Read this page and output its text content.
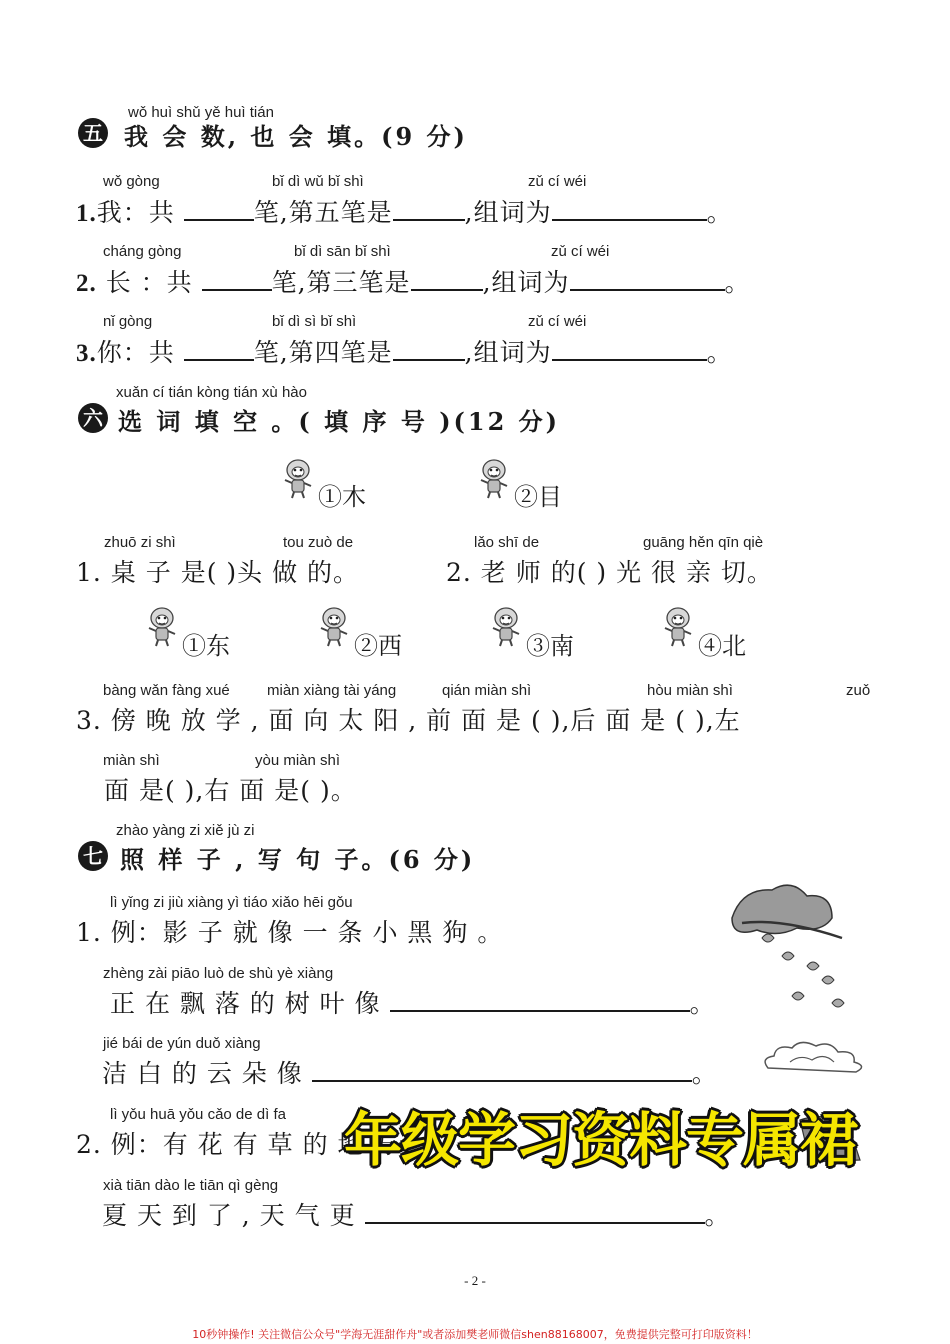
wǒ huì shǔ yě huì tián
五 我 会 数, 也 会 填。(9 分)
wǒ gòng	bǐ dì wǔ bǐ shì	zǔ cí wéi
1.我：共	笔,第五笔是	,组词为	。
cháng gòng	bǐ dì sān bǐ shì	zǔ cí wéi
2. 长 ：共	笔,第三笔是	,组词为	。
nǐ gòng	bǐ dì sì bǐ shì	zǔ cí wéi
3.你：共	笔,第四笔是	,组词为	。
xuǎn cí tián kòng tián xù hào
六 选 词 填 空 。( 填 序 号 )(12 分)
①木	②目
zhuō zi shì	tou zuò de
1. 桌 子 是( )头 做 的。
lǎo shī de	guāng hěn qīn qiè
2. 老 师 的( ) 光 很 亲 切。
①东	②西	③南	④北
bàng wǎn fàng xué miàn xiàng tài yáng	qián miàn shì	hòu miàn shì	zuǒ
3. 傍 晚 放 学 , 面 向 太 阳 , 前 面 是 ( ),后 面 是 ( ),左
miàn shì	yòu miàn shì
面 是( ),右 面 是( )。
zhào yàng zi xiě jù zi
七 照 样 子 , 写 句 子。(6 分)
lì yǐng zi jiù xiàng yì tiáo xiǎo hēi gǒu
1. 例：影 子 就 像 一 条 小 黑 狗 。
zhèng zài piāo luò de shù yè xiàng
正 在 飘 落 的 树 叶 像	。
jié bái de yún duǒ xiàng
洁 白 的 云 朵 像	。
lì yǒu huā yǒu cǎo de dì fa
2. 例：有 花 有 草 的 地 方
xià tiān dào le tiān qì gèng
夏 天 到 了 , 天 气 更	。
年级学习资料专属裙
- 2 -
10秒钟操作! 关注微信公众号"学海无涯甜作舟"或者添加樊老师微信shen88168007，免费提供完整可打印版资料！
